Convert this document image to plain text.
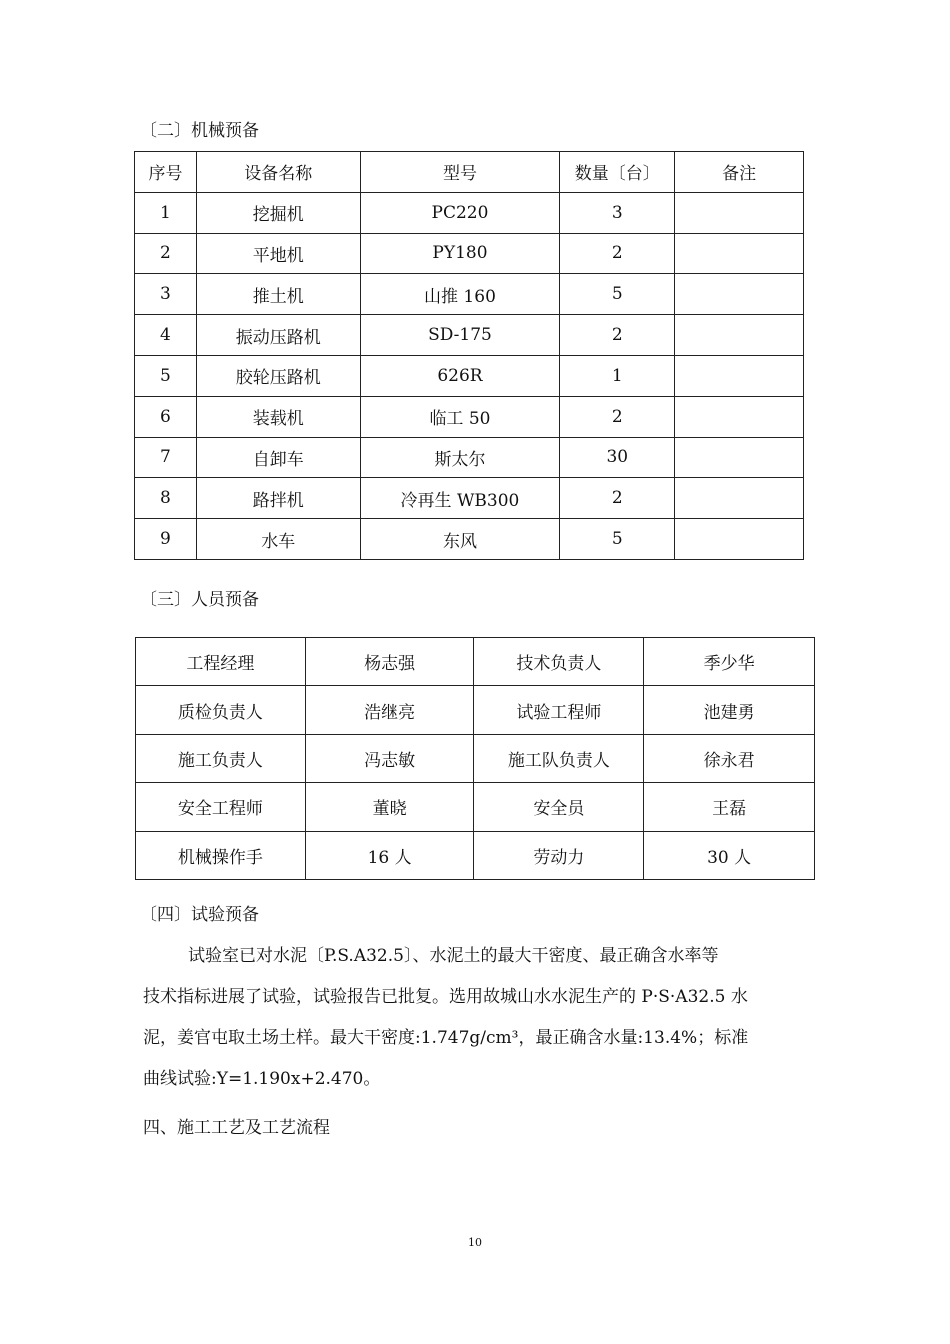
〔二〕机械预备
序号	设备名称	型号	数量〔台〕	备注
1	挖掘机	PC220	3	
2	平地机	PY180	2	
3	推土机	山推 160	5	
4	振动压路机	SD-175	2	
5	胶轮压路机	626R	1	
6	装载机	临工 50	2	
7	自卸车	斯太尔	30	
8	路拌机	冷再生 WB300	2	
9	水车	东风	5	
〔三〕人员预备
工程经理	杨志强	技术负责人	季少华
质检负责人	浩继亮	试验工程师	池建勇
施工负责人	冯志敏	施工队负责人	徐永君
安全工程师	董晓	安全员	王磊
机械操作手	16 人	劳动力	30 人
〔四〕试验预备
试验室已对水泥〔P.S.A32.5〕、水泥土的最大干密度、最正确含水率等
技术指标进展了试验，试验报告已批复。选用故城山水水泥生产的 P·S·A32.5 水
泥，姜官屯取土场土样。最大干密度:1.747g/cm³，最正确含水量:13.4%；标准
曲线试验:Y=1.190x+2.470。
四、施工工艺及工艺流程
10
